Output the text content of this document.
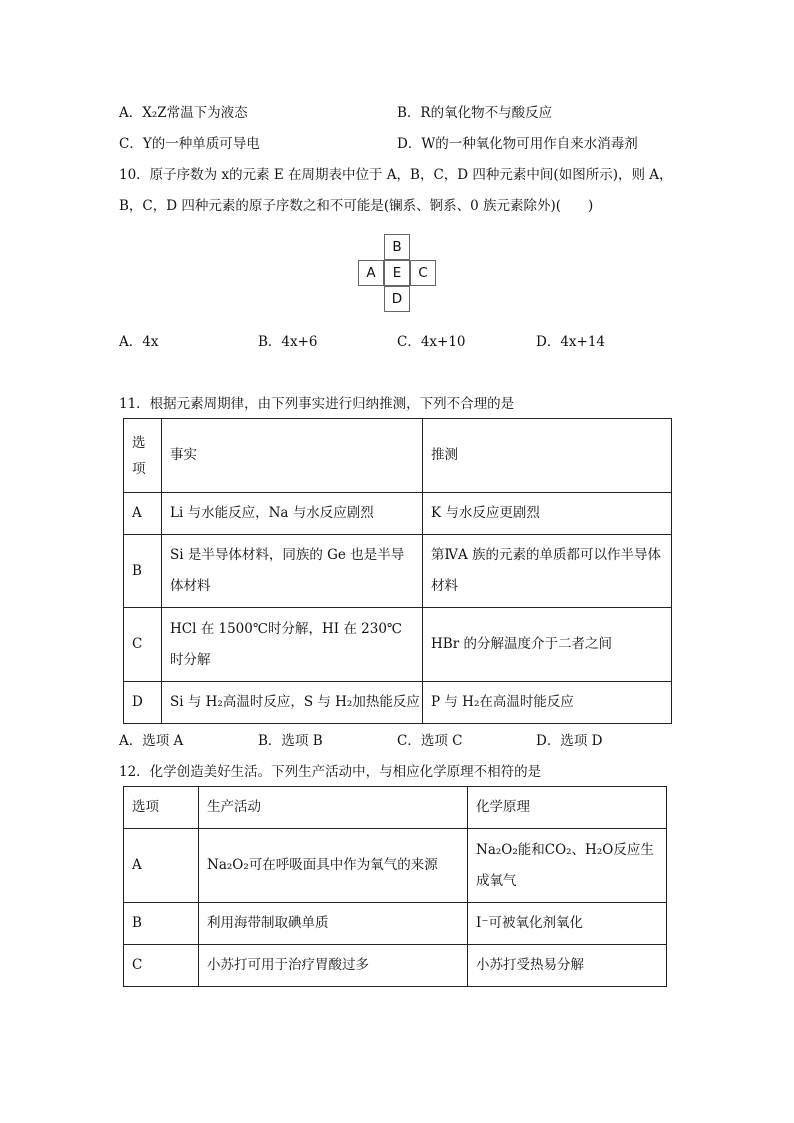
A．X₂Z常温下为液态	B．R的氧化物不与酸反应
C．Y的一种单质可导电	D．W的一种氧化物可用作自来水消毒剂
10．原子序数为 x的元素 E 在周期表中位于 A，B，C，D 四种元素中间(如图所示)，则 A，
B，C，D 四种元素的原子序数之和不可能是(镧系、锕系、0 族元素除外)(　　)
B
A	E	C
D
A．4x	B．4x+6	C．4x+10	D．4x+14
11．根据元素周期律，由下列事实进行归纳推测，下列不合理的是
选项	事实	推测
A	Li 与水能反应，Na 与水反应剧烈	K 与水反应更剧烈
B	Si 是半导体材料，同族的 Ge 也是半导体材料	第ⅣA 族的元素的单质都可以作半导体材料
C	HCl 在 1500℃时分解，HI 在 230℃时分解	HBr 的分解温度介于二者之间
D	Si 与 H₂高温时反应，S 与 H₂加热能反应	P 与 H₂在高温时能反应
A．选项 A	B．选项 B	C．选项 C	D．选项 D
12．化学创造美好生活。下列生产活动中，与相应化学原理不相符的是
选项	生产活动	化学原理
A	Na₂O₂可在呼吸面具中作为氧气的来源	Na₂O₂能和CO₂、H₂O反应生成氧气
B	利用海带制取碘单质	I⁻可被氧化剂氧化
C	小苏打可用于治疗胃酸过多	小苏打受热易分解
